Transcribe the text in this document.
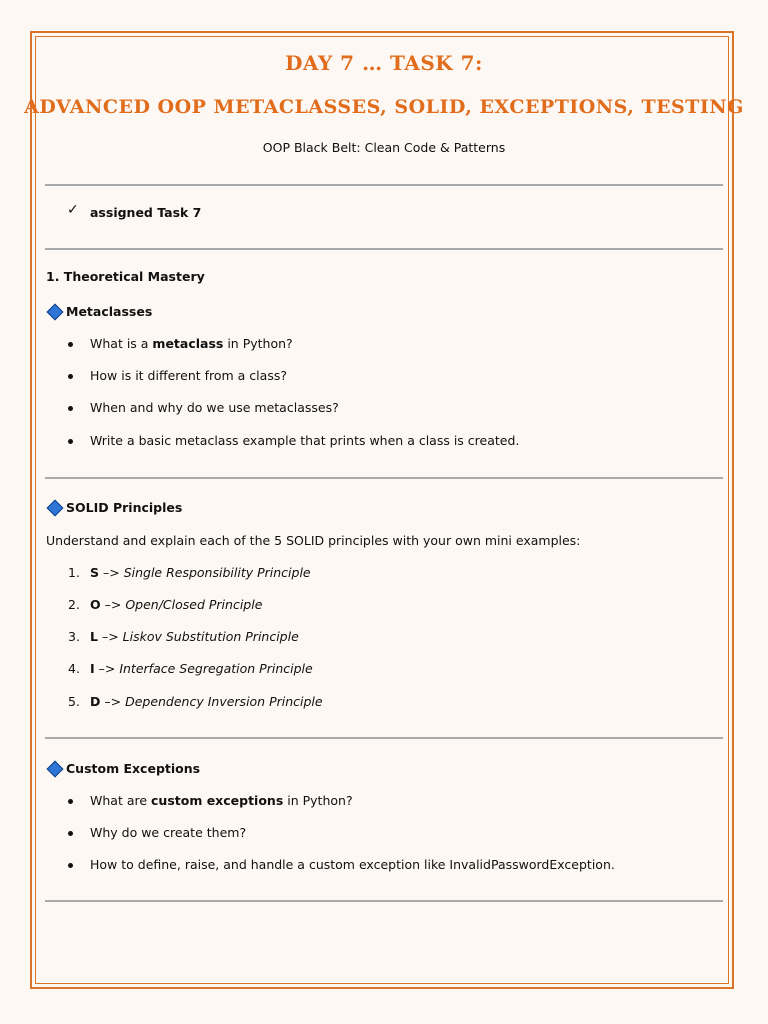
DAY 7 … TASK 7:
ADVANCED OOP METACLASSES, SOLID, EXCEPTIONS, TESTING
OOP Black Belt: Clean Code & Patterns
✓ assigned Task 7
1. Theoretical Mastery
Metaclasses
What is a metaclass in Python?
How is it different from a class?
When and why do we use metaclasses?
Write a basic metaclass example that prints when a class is created.
SOLID Principles
Understand and explain each of the 5 SOLID principles with your own mini examples:
1. S –> Single Responsibility Principle
2. O –> Open/Closed Principle
3. L –> Liskov Substitution Principle
4. I –> Interface Segregation Principle
5. D –> Dependency Inversion Principle
Custom Exceptions
What are custom exceptions in Python?
Why do we create them?
How to define, raise, and handle a custom exception like InvalidPasswordException.
